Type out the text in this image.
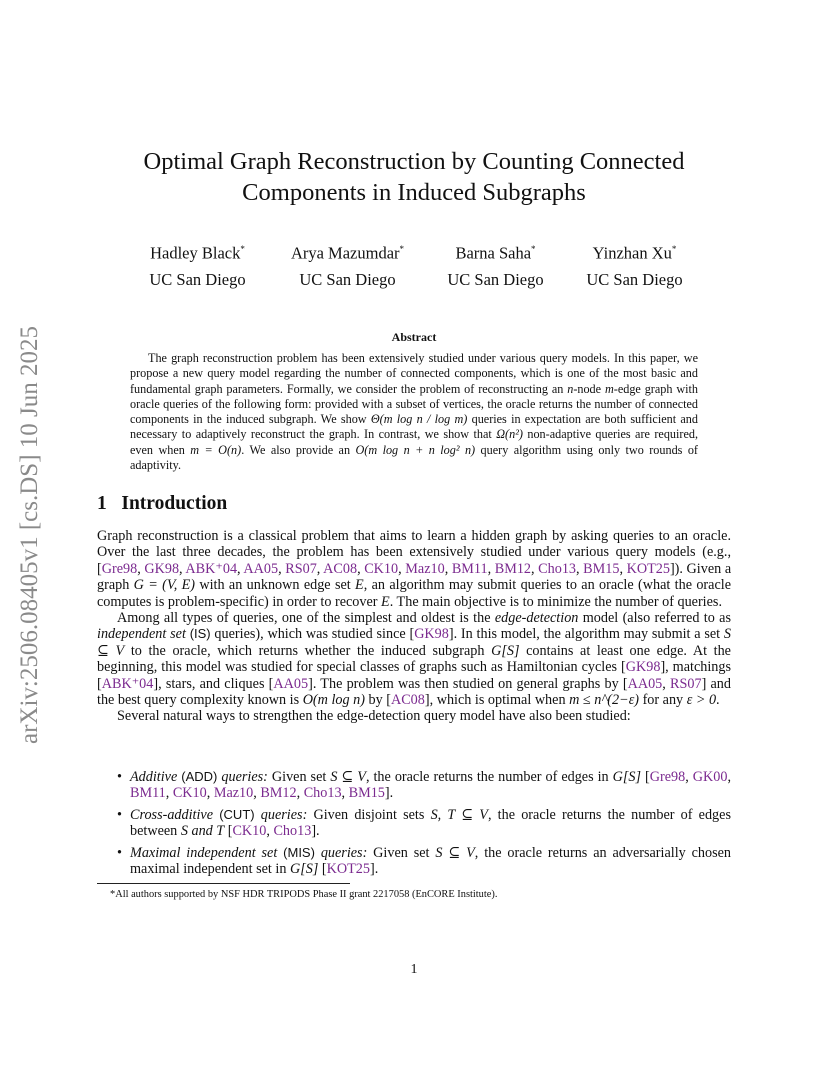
arXiv:2506.08405v1 [cs.DS] 10 Jun 2025
Optimal Graph Reconstruction by Counting Connected Components in Induced Subgraphs
Hadley Black*
UC San Diego
Arya Mazumdar*
UC San Diego
Barna Saha*
UC San Diego
Yinzhan Xu*
UC San Diego
Abstract

The graph reconstruction problem has been extensively studied under various query models. In this paper, we propose a new query model regarding the number of connected components, which is one of the most basic and fundamental graph parameters. Formally, we consider the problem of reconstructing an n-node m-edge graph with oracle queries of the following form: provided with a subset of vertices, the oracle returns the number of connected components in the induced subgraph. We show Θ(m log n / log m) queries in expectation are both sufficient and necessary to adaptively reconstruct the graph. In contrast, we show that Ω(n²) non-adaptive queries are required, even when m = O(n). We also provide an O(m log n + n log² n) query algorithm using only two rounds of adaptivity.

1 Introduction

Graph reconstruction is a classical problem that aims to learn a hidden graph by asking queries to an oracle. Over the last three decades, the problem has been extensively studied under various query models (e.g., [Gre98, GK98, ABK⁺04, AA05, RS07, AC08, CK10, Maz10, BM11, BM12, Cho13, BM15, KOT25]). Given a graph G = (V, E) with an unknown edge set E, an algorithm may submit queries to an oracle (what the oracle computes is problem-specific) in order to recover E. The main objective is to minimize the number of queries.

Among all types of queries, one of the simplest and oldest is the edge-detection model (also referred to as independent set (IS) queries), which was studied since [GK98]. In this model, the algorithm may submit a set S ⊆ V to the oracle, which returns whether the induced subgraph G[S] contains at least one edge. At the beginning, this model was studied for special classes of graphs such as Hamiltonian cycles [GK98], matchings [ABK⁺04], stars, and cliques [AA05]. The problem was then studied on general graphs by [AA05, RS07] and the best query complexity known is O(m log n) by [AC08], which is optimal when m ≤ n^(2−ε) for any ε > 0.

Several natural ways to strengthen the edge-detection query model have also been studied:

• Additive (ADD) queries: Given set S ⊆ V, the oracle returns the number of edges in G[S] [Gre98, GK00, BM11, CK10, Maz10, BM12, Cho13, BM15].
• Cross-additive (CUT) queries: Given disjoint sets S, T ⊆ V, the oracle returns the number of edges between S and T [CK10, Cho13].
• Maximal independent set (MIS) queries: Given set S ⊆ V, the oracle returns an adversarially chosen maximal independent set in G[S] [KOT25].
*All authors supported by NSF HDR TRIPODS Phase II grant 2217058 (EnCORE Institute).
1
